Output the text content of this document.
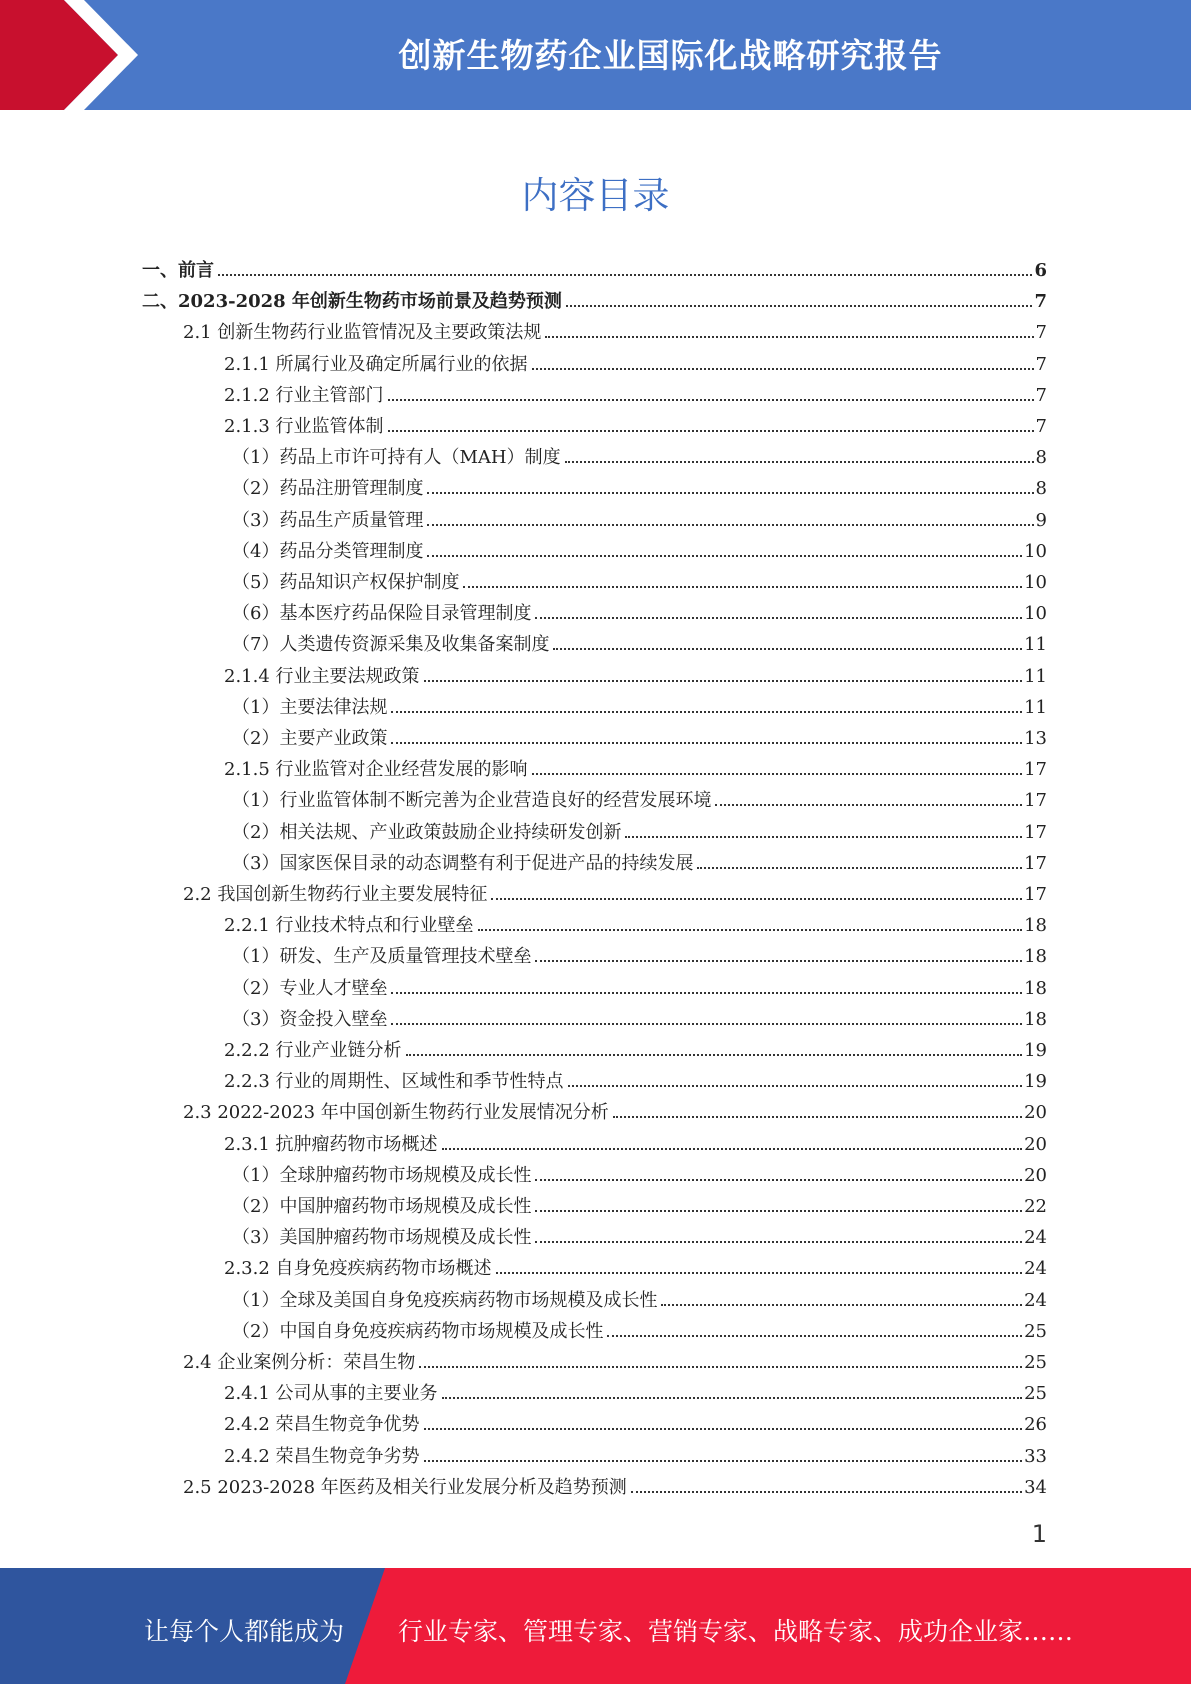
创新生物药企业国际化战略研究报告
内容目录
一、前言	6
二、2023-2028 年创新生物药市场前景及趋势预测	7
2.1 创新生物药行业监管情况及主要政策法规	7
2.1.1 所属行业及确定所属行业的依据	7
2.1.2 行业主管部门	7
2.1.3 行业监管体制	7
（1）药品上市许可持有人（MAH）制度	8
（2）药品注册管理制度	8
（3）药品生产质量管理	9
（4）药品分类管理制度	10
（5）药品知识产权保护制度	10
（6）基本医疗药品保险目录管理制度	10
（7）人类遗传资源采集及收集备案制度	11
2.1.4 行业主要法规政策	11
（1）主要法律法规	11
（2）主要产业政策	13
2.1.5 行业监管对企业经营发展的影响	17
（1）行业监管体制不断完善为企业营造良好的经营发展环境	17
（2）相关法规、产业政策鼓励企业持续研发创新	17
（3）国家医保目录的动态调整有利于促进产品的持续发展	17
2.2 我国创新生物药行业主要发展特征	17
2.2.1 行业技术特点和行业壁垒	18
（1）研发、生产及质量管理技术壁垒	18
（2）专业人才壁垒	18
（3）资金投入壁垒	18
2.2.2 行业产业链分析	19
2.2.3 行业的周期性、区域性和季节性特点	19
2.3 2022-2023 年中国创新生物药行业发展情况分析	20
2.3.1 抗肿瘤药物市场概述	20
（1）全球肿瘤药物市场规模及成长性	20
（2）中国肿瘤药物市场规模及成长性	22
（3）美国肿瘤药物市场规模及成长性	24
2.3.2 自身免疫疾病药物市场概述	24
（1）全球及美国自身免疫疾病药物市场规模及成长性	24
（2）中国自身免疫疾病药物市场规模及成长性	25
2.4 企业案例分析：荣昌生物	25
2.4.1 公司从事的主要业务	25
2.4.2 荣昌生物竞争优势	26
2.4.2 荣昌生物竞争劣势	33
2.5 2023-2028 年医药及相关行业发展分析及趋势预测	34
1
让每个人都能成为 行业专家、管理专家、营销专家、战略专家、成功企业家……
